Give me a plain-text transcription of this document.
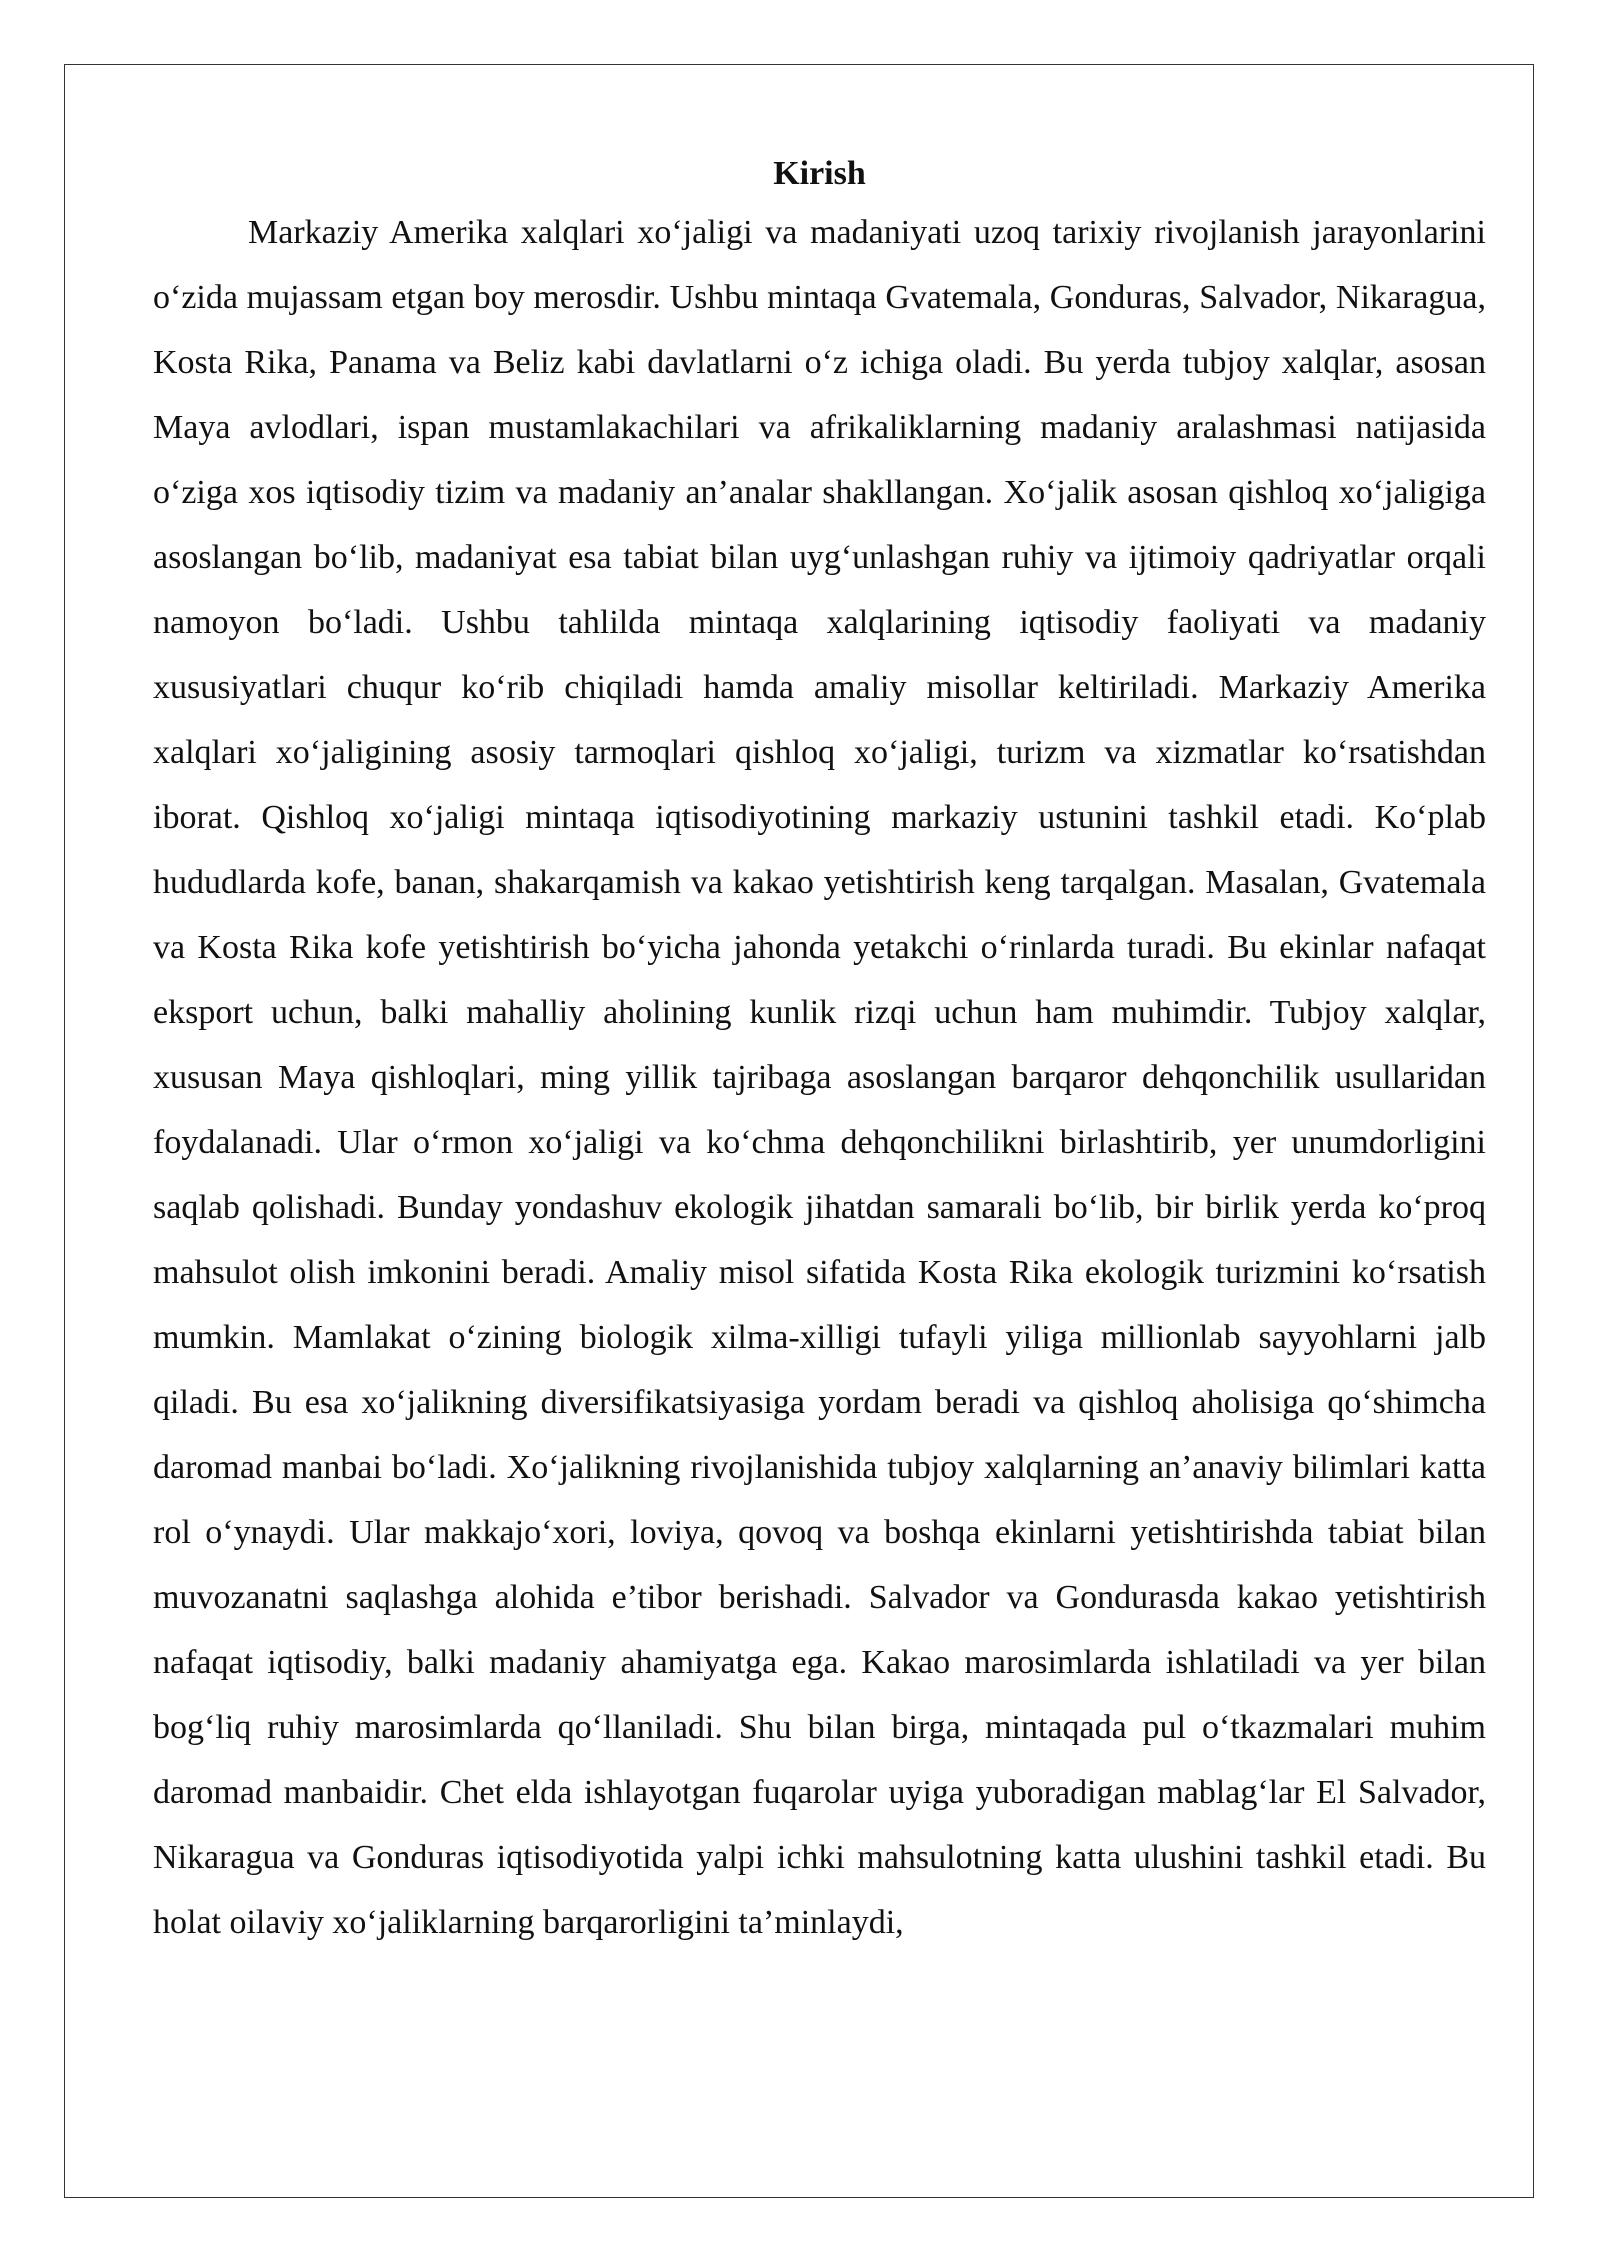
Kirish

Markaziy Amerika xalqlari xo‘jaligi va madaniyati uzoq tarixiy rivojlanish jarayonlarini o‘zida mujassam etgan boy merosdir. Ushbu mintaqa Gvatemala, Gonduras, Salvador, Nikaragua, Kosta Rika, Panama va Beliz kabi davlatlarni o‘z ichiga oladi. Bu yerda tubjoy xalqlar, asosan Maya avlodlari, ispan mustamlakachilari va afrikaliklarning madaniy aralashmasi natijasida o‘ziga xos iqtisodiy tizim va madaniy an’analar shakllangan. Xo‘jalik asosan qishloq xo‘jaligiga asoslangan bo‘lib, madaniyat esa tabiat bilan uyg‘unlashgan ruhiy va ijtimoiy qadriyatlar orqali namoyon bo‘ladi. Ushbu tahlilda mintaqa xalqlarining iqtisodiy faoliyati va madaniy xususiyatlari chuqur ko‘rib chiqiladi hamda amaliy misollar keltiriladi. Markaziy Amerika xalqlari xo‘jaligining asosiy tarmoqlari qishloq xo‘jaligi, turizm va xizmatlar ko‘rsatishdan iborat. Qishloq xo‘jaligi mintaqa iqtisodiyotining markaziy ustunini tashkil etadi. Ko‘plab hududlarda kofe, banan, shakarqamish va kakao yetishtirish keng tarqalgan. Masalan, Gvatemala va Kosta Rika kofe yetishtirish bo‘yicha jahonda yetakchi o‘rinlarda turadi. Bu ekinlar nafaqat eksport uchun, balki mahalliy aholining kunlik rizqi uchun ham muhimdir. Tubjoy xalqlar, xususan Maya qishloqlari, ming yillik tajribaga asoslangan barqaror dehqonchilik usullaridan foydalanadi. Ular o‘rmon xo‘jaligi va ko‘chma dehqonchilikni birlashtirib, yer unumdorligini saqlab qolishadi. Bunday yondashuv ekologik jihatdan samarali bo‘lib, bir birlik yerda ko‘proq mahsulot olish imkonini beradi. Amaliy misol sifatida Kosta Rika ekologik turizmini ko‘rsatish mumkin. Mamlakat o‘zining biologik xilma-xilligi tufayli yiliga millionlab sayyohlarni jalb qiladi. Bu esa xo‘jalikning diversifikatsiyasiga yordam beradi va qishloq aholisiga qo‘shimcha daromad manbai bo‘ladi. Xo‘jalikning rivojlanishida tubjoy xalqlarning an’anaviy bilimlari katta rol o‘ynaydi. Ular makkajo‘xori, loviya, qovoq va boshqa ekinlarni yetishtirishda tabiat bilan muvozanatni saqlashga alohida e’tibor berishadi. Salvador va Gondurasda kakao yetishtirish nafaqat iqtisodiy, balki madaniy ahamiyatga ega. Kakao marosimlarda ishlatiladi va yer bilan bog‘liq ruhiy marosimlarda qo‘llaniladi. Shu bilan birga, mintaqada pul o‘tkazmalari muhim daromad manbaidir. Chet elda ishlayotgan fuqarolar uyiga yuboradigan mablag‘lar El Salvador, Nikaragua va Gonduras iqtisodiyotida yalpi ichki mahsulotning katta ulushini tashkil etadi. Bu holat oilaviy xo‘jaliklarning barqarorligini ta’minlaydi,
